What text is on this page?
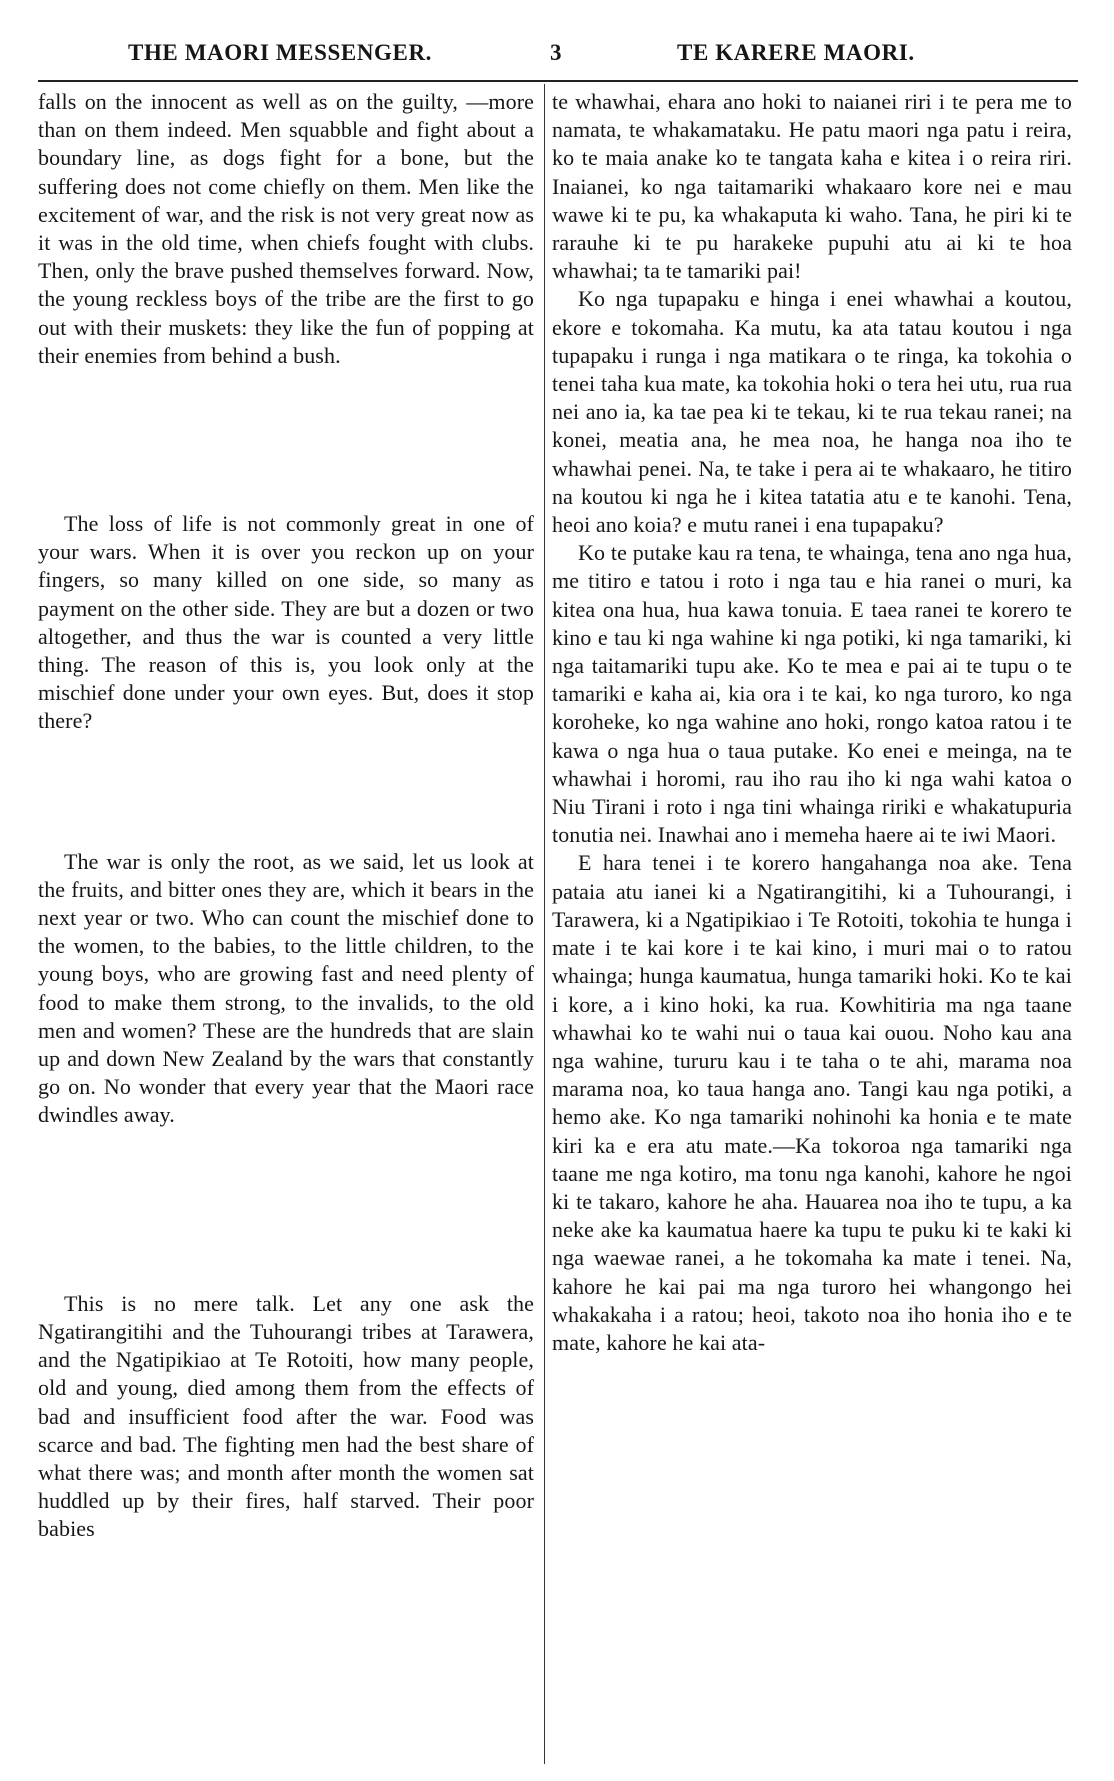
THE MAORI MESSENGER.	3	TE KARERE MAORI.

falls on the innocent as well as on the guilty, —more than on them indeed. Men squabble and fight about a boundary line, as dogs fight for a bone, but the suffering does not come chiefly on them. Men like the excitement of war, and the risk is not very great now as it was in the old time, when chiefs fought with clubs. Then, only the brave pushed themselves forward. Now, the young reckless boys of the tribe are the first to go out with their muskets: they like the fun of popping at their enemies from behind a bush.

The loss of life is not commonly great in one of your wars. When it is over you reckon up on your fingers, so many killed on one side, so many as payment on the other side. They are but a dozen or two altogether, and thus the war is counted a very little thing. The reason of this is, you look only at the mischief done under your own eyes. But, does it stop there?

The war is only the root, as we said, let us look at the fruits, and bitter ones they are, which it bears in the next year or two. Who can count the mischief done to the women, to the babies, to the little children, to the young boys, who are growing fast and need plenty of food to make them strong, to the invalids, to the old men and women? These are the hundreds that are slain up and down New Zealand by the wars that constantly go on. No wonder that every year that the Maori race dwindles away.

This is no mere talk. Let any one ask the Ngatirangitihi and the Tuhourangi tribes at Tarawera, and the Ngatipikiao at Te Rotoiti, how many people, old and young, died among them from the effects of bad and insufficient food after the war. Food was scarce and bad. The fighting men had the best share of what there was; and month after month the women sat huddled up by their fires, half starved. Their poor babies

te whawhai, ehara ano hoki to naianei riri i te pera me to namata, te whakamataku. He patu maori nga patu i reira, ko te maia anake ko te tangata kaha e kitea i o reira riri. Inaianei, ko nga taitamariki whakaaro kore nei e mau wawe ki te pu, ka whakaputa ki waho. Tana, he piri ki te rarauhe ki te pu harakeke pupuhi atu ai ki te hoa whawhai; ta te tamariki pai!

Ko nga tupapaku e hinga i enei whawhai a koutou, ekore e tokomaha. Ka mutu, ka ata tatau koutou i nga tupapaku i runga i nga matikara o te ringa, ka tokohia o tenei taha kua mate, ka tokohia hoki o tera hei utu, rua rua nei ano ia, ka tae pea ki te tekau, ki te rua tekau ranei; na konei, meatia ana, he mea noa, he hanga noa iho te whawhai penei. Na, te take i pera ai te whakaaro, he titiro na koutou ki nga he i kitea tatatia atu e te kanohi. Tena, heoi ano koia? e mutu ranei i ena tupapaku?

Ko te putake kau ra tena, te whainga, tena ano nga hua, me titiro e tatou i roto i nga tau e hia ranei o muri, ka kitea ona hua, hua kawa tonuia. E taea ranei te korero te kino e tau ki nga wahine ki nga potiki, ki nga tamariki, ki nga taitamariki tupu ake. Ko te mea e pai ai te tupu o te tamariki e kaha ai, kia ora i te kai, ko nga turoro, ko nga koroheke, ko nga wahine ano hoki, rongo katoa ratou i te kawa o nga hua o taua putake. Ko enei e meinga, na te whawhai i horomi, rau iho rau iho ki nga wahi katoa o Niu Tirani i roto i nga tini whainga ririki e whakatupuria tonutia nei. Inawhai ano i memeha haere ai te iwi Maori.

E hara tenei i te korero hangahanga noa ake. Tena pataia atu ianei ki a Ngatirangitihi, ki a Tuhourangi, i Tarawera, ki a Ngatipikiao i Te Rotoiti, tokohia te hunga i mate i te kai kore i te kai kino, i muri mai o to ratou whainga; hunga kaumatua, hunga tamariki hoki. Ko te kai i kore, a i kino hoki, ka rua. Kowhitiria ma nga taane whawhai ko te wahi nui o taua kai ouou. Noho kau ana nga wahine, tururu kau i te taha o te ahi, marama noa marama noa, ko taua hanga ano. Tangi kau nga potiki, a hemo ake. Ko nga tamariki nohinohi ka honia e te mate kiri ka e era atu mate.—Ka tokoroa nga tamariki nga taane me nga kotiro, ma tonu nga kanohi, kahore he ngoi ki te takaro, kahore he aha. Hauarea noa iho te tupu, a ka neke ake ka kaumatua haere ka tupu te puku ki te kaki ki nga waewae ranei, a he tokomaha ka mate i tenei. Na, kahore he kai pai ma nga turoro hei whangongo hei whakakaha i a ratou; heoi, takoto noa iho honia iho e te mate, kahore he kai ata-
